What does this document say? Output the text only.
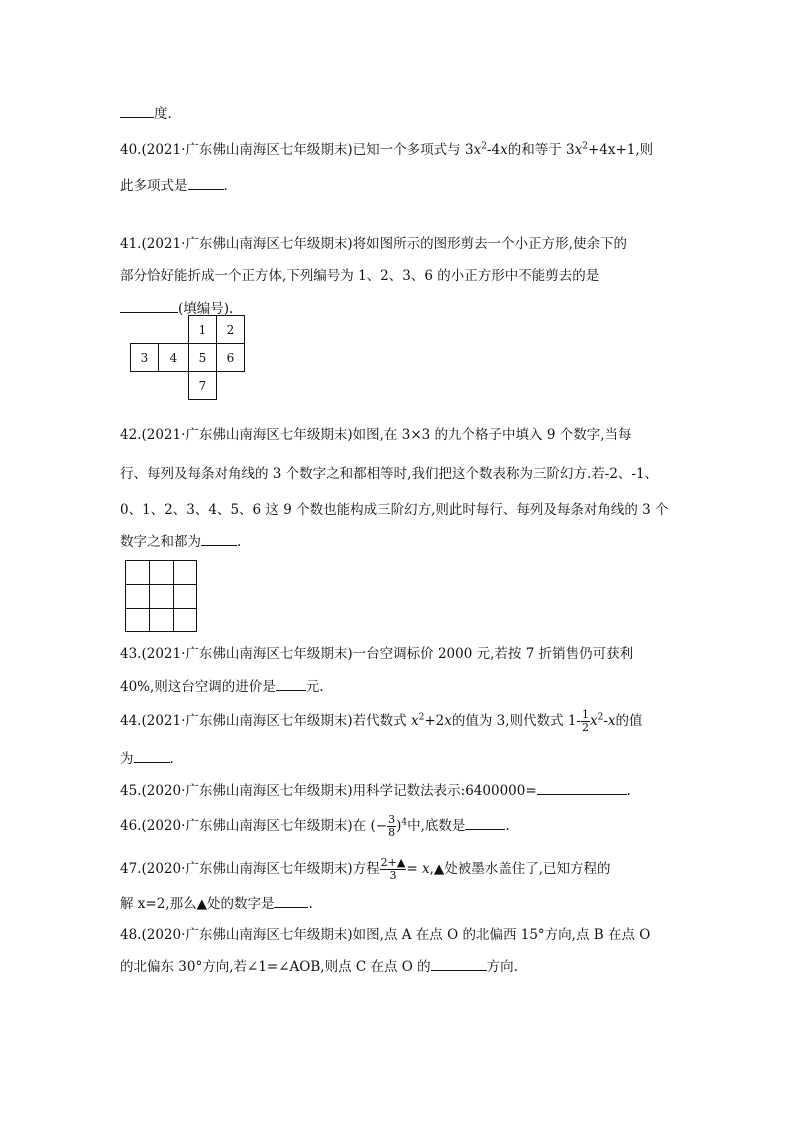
度.
40.(2021·广东佛山南海区七年级期末)已知一个多项式与 $3x^2-4x$的和等于 $3x^2+4x+1$,则
此多项式是	.
41.(2021·广东佛山南海区七年级期末)将如图所示的图形剪去一个小正方形,使余下的
部分恰好能折成一个正方体,下列编号为 1、2、3、6 的小正方形中不能剪去的是
(填编号).
1	2
3	4	5	6
7
42.(2021·广东佛山南海区七年级期末)如图,在 3×3 的九个格子中填入 9 个数字,当每
行、每列及每条对角线的 3 个数字之和都相等时,我们把这个数表称为三阶幻方.若-2、-1、
0、1、2、3、4、5、6 这 9 个数也能构成三阶幻方,则此时每行、每列及每条对角线的 3 个
数字之和都为	.
43.(2021·广东佛山南海区七年级期末)一台空调标价 2000 元,若按 7 折销售仍可获利
40%,则这台空调的进价是 元.
44.(2021·广东佛山南海区七年级期末)若代数式 $x^2+2x$的值为 3,则代数式 $1- \frac{1}{2} x^2-x$的值
为	.
45.(2020·广东佛山南海区七年级期末)用科学记数法表示:6400000=	.
46.(2020·广东佛山南海区七年级期末)在 (− $\frac{3}{8} )^4$中,底数是	.
47.(2020·广东佛山南海区七年级期末)方程 $\frac{2+▲}{3}$ = x,▲处被墨水盖住了,已知方程的
解 x=2,那么▲处的数字是	.
48.(2020·广东佛山南海区七年级期末)如图,点 A 在点 O 的北偏西 15°方向,点 B 在点 O
的北偏东 30°方向,若∠1=∠AOB,则点 C 在点 O 的	方向.
